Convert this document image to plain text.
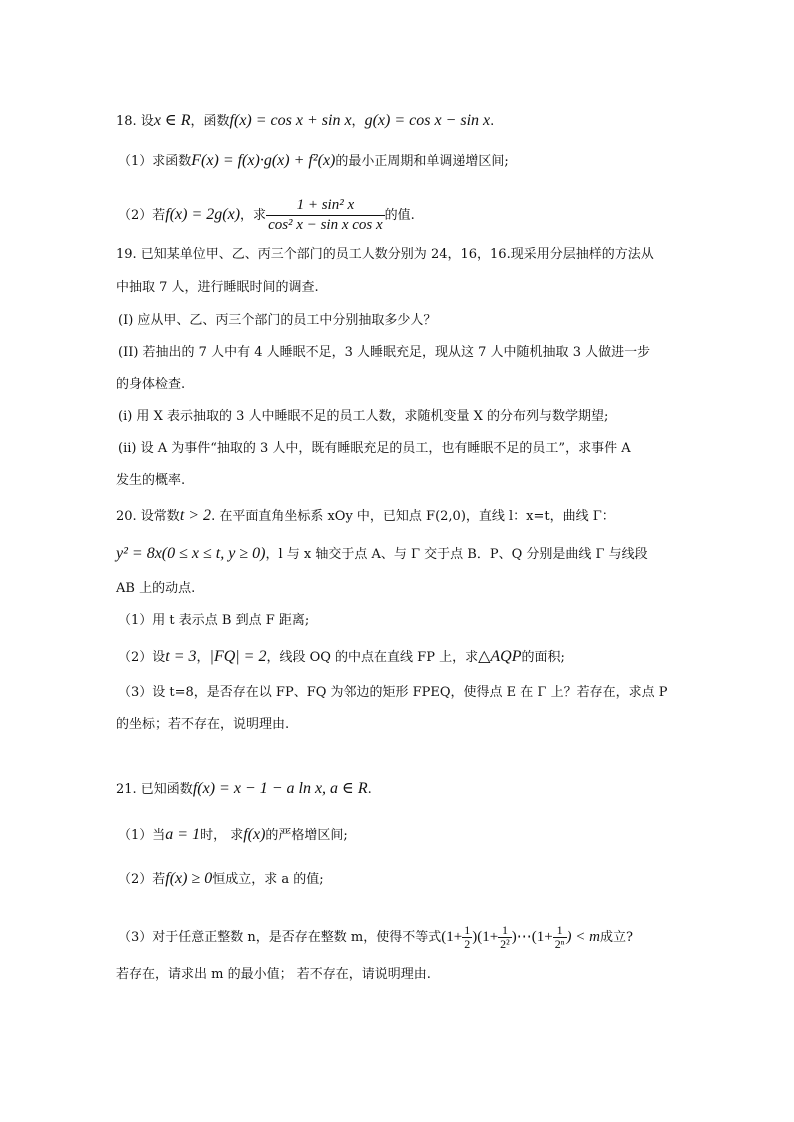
18. 设x ∈ R，函数f(x) = cos x + sin x，g(x) = cos x − sin x.
（1）求函数F(x) = f(x)·g(x) + f²(x)的最小正周期和单调递增区间;
（2）若f(x) = 2g(x)，求 $\frac{\text{1 + sin² x}}{\text{cos² x − sin x cos x}}$ 的值.
19. 已知某单位甲、乙、丙三个部门的员工人数分别为 24，16，16.现采用分层抽样的方法从
中抽取 7 人，进行睡眠时间的调查.
(I) 应从甲、乙、丙三个部门的员工中分别抽取多少人？
(II) 若抽出的 7 人中有 4 人睡眠不足，3 人睡眠充足，现从这 7 人中随机抽取 3 人做进一步
的身体检查.
(i) 用 X 表示抽取的 3 人中睡眠不足的员工人数，求随机变量 X 的分布列与数学期望;
(ii) 设 A 为事件“抽取的 3 人中，既有睡眠充足的员工，也有睡眠不足的员工”，求事件 A
发生的概率.
20. 设常数t > 2. 在平面直角坐标系 xOy 中，已知点 F(2,0)，直线 l：x=t，曲线 Γ：
y² = 8x(0 ≤ x ≤ t, y ≥ 0)，l 与 x 轴交于点 A、与 Γ 交于点 B．P、Q 分别是曲线 Γ 与线段
AB 上的动点.
（1）用 t 表示点 B 到点 F 距离;
（2）设t = 3，|FQ| = 2，线段 OQ 的中点在直线 FP 上，求△AQP的面积;
（3）设 t=8，是否存在以 FP、FQ 为邻边的矩形 FPEQ，使得点 E 在 Γ 上？若存在，求点 P
的坐标；若不存在，说明理由.
21. 已知函数f(x) = x − 1 − a ln x, a ∈ R.
（1）当a = 1时， 求f(x)的严格增区间;
（2）若f(x) ≥ 0恒成立，求 a 的值;
（3）对于任意正整数 n，是否存在整数 m，使得不等式$(1+ \frac{1}{2} )(1+ \frac{1}{\text{2²}}$ )⋯(1+ $\frac{1}{\text{2ⁿ}}$ ) < m成立?
若存在，请求出 m 的最小值； 若不存在，请说明理由.
